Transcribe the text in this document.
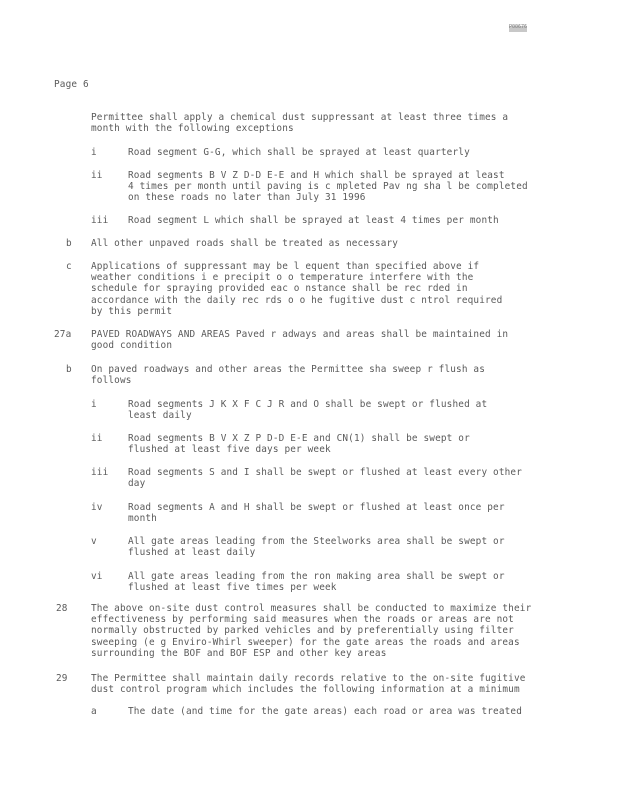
P00676
Page 6
Permittee shall apply a chemical dust suppressant at least three times a
month with the following exceptions
i	Road segment G-G, which shall be sprayed at least quarterly
ii	Road segments B V Z D-D E-E and H which shall be sprayed at least
4 times per month until paving is c mpleted Pav ng sha l be completed
on these roads no later than July 31 1996
iii Road segment L which shall be sprayed at least 4 times per month
b All other unpaved roads shall be treated as necessary
c Applications of suppressant may be l equent than specified above if
weather conditions i e precipit o o temperature interfere with the
schedule for spraying provided eac o nstance shall be rec rded in
accordance with the daily rec rds o o he fugitive dust c ntrol required
by this permit
27a PAVED ROADWAYS AND AREAS Paved r adways and areas shall be maintained in
good condition
b On paved roadways and other areas the Permittee sha sweep r flush as
follows
i	Road segments J K X F C J R and O shall be swept or flushed at
least daily
ii	Road segments B V X Z P D-D E-E and CN(1) shall be swept or
flushed at least five days per week
iii Road segments S and I shall be swept or flushed at least every other
day
iv	Road segments A and H shall be swept or flushed at least once per
month
v	All gate areas leading from the Steelworks area shall be swept or
flushed at least daily
vi	All gate areas leading from the ron making area shall be swept or
flushed at least five times per week
28 The above on-site dust control measures shall be conducted to maximize their
effectiveness by performing said measures when the roads or areas are not
normally obstructed by parked vehicles and by preferentially using filter
sweeping (e g Enviro-Whirl sweeper) for the gate areas the roads and areas
surrounding the BOF and BOF ESP and other key areas
29 The Permittee shall maintain daily records relative to the on-site fugitive
dust control program which includes the following information at a minimum
a	The date (and time for the gate areas) each road or area was treated
